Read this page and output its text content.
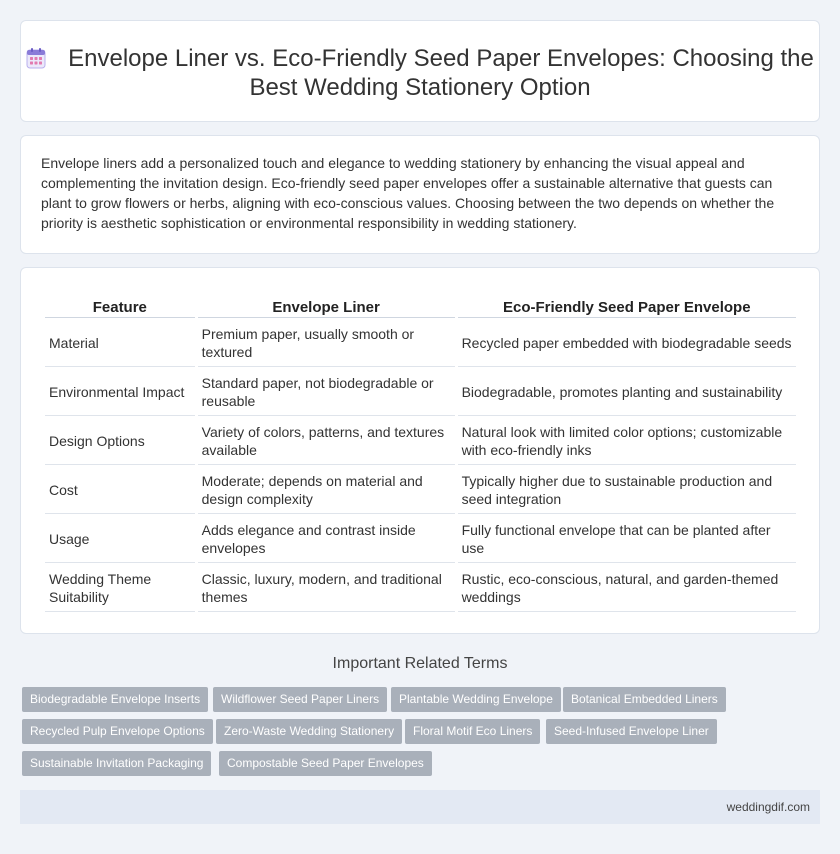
Envelope Liner vs. Eco-Friendly Seed Paper Envelopes: Choosing the Best Wedding Stationery Option

Envelope liners add a personalized touch and elegance to wedding stationery by enhancing the visual appeal and complementing the invitation design. Eco-friendly seed paper envelopes offer a sustainable alternative that guests can plant to grow flowers or herbs, aligning with eco-conscious values. Choosing between the two depends on whether the priority is aesthetic sophistication or environmental responsibility in wedding stationery.

Feature	Envelope Liner	Eco-Friendly Seed Paper Envelope
Material	Premium paper, usually smooth or textured	Recycled paper embedded with biodegradable seeds
Environmental Impact	Standard paper, not biodegradable or reusable	Biodegradable, promotes planting and sustainability
Design Options	Variety of colors, patterns, and textures available	Natural look with limited color options; customizable with eco-friendly inks
Cost	Moderate; depends on material and design complexity	Typically higher due to sustainable production and seed integration
Usage	Adds elegance and contrast inside envelopes	Fully functional envelope that can be planted after use
Wedding Theme Suitability	Classic, luxury, modern, and traditional themes	Rustic, eco-conscious, natural, and garden-themed weddings
Important Related Terms
Biodegradable Envelope Inserts	Wildflower Seed Paper Liners	Plantable Wedding Envelope	Botanical Embedded Liners
Recycled Pulp Envelope Options	Zero-Waste Wedding Stationery	Floral Motif Eco Liners	Seed-Infused Envelope Liner
Sustainable Invitation Packaging	Compostable Seed Paper Envelopes
weddingdif.com
